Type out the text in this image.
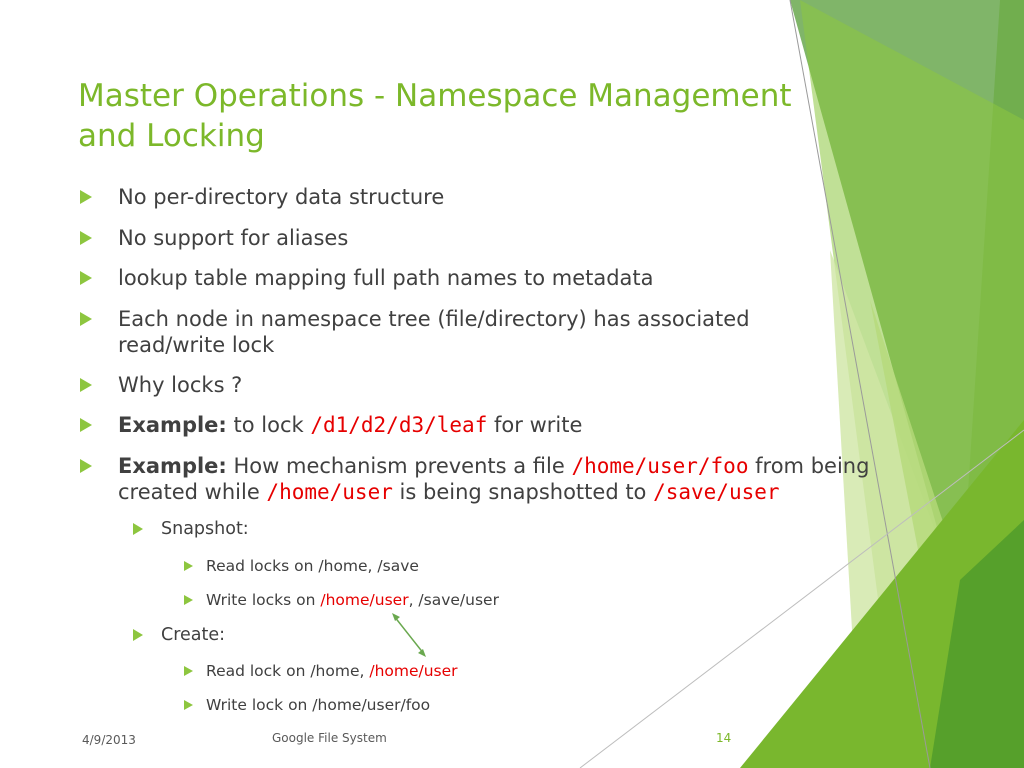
Master Operations - Namespace Management
and Locking
No per-directory data structure
No support for aliases
lookup table mapping full path names to metadata
Each node in namespace tree (file/directory) has associated
read/write lock
Why locks ?
Example: to lock /d1/d2/d3/leaf for write
Example: How mechanism prevents a file /home/user/foo from being
created while /home/user is being snapshotted to /save/user
Snapshot:
Read locks on /home, /save
Write locks on /home/user, /save/user
Create:
Read lock on /home, /home/user
Write lock on /home/user/foo
4/9/2013	Google File System	14
